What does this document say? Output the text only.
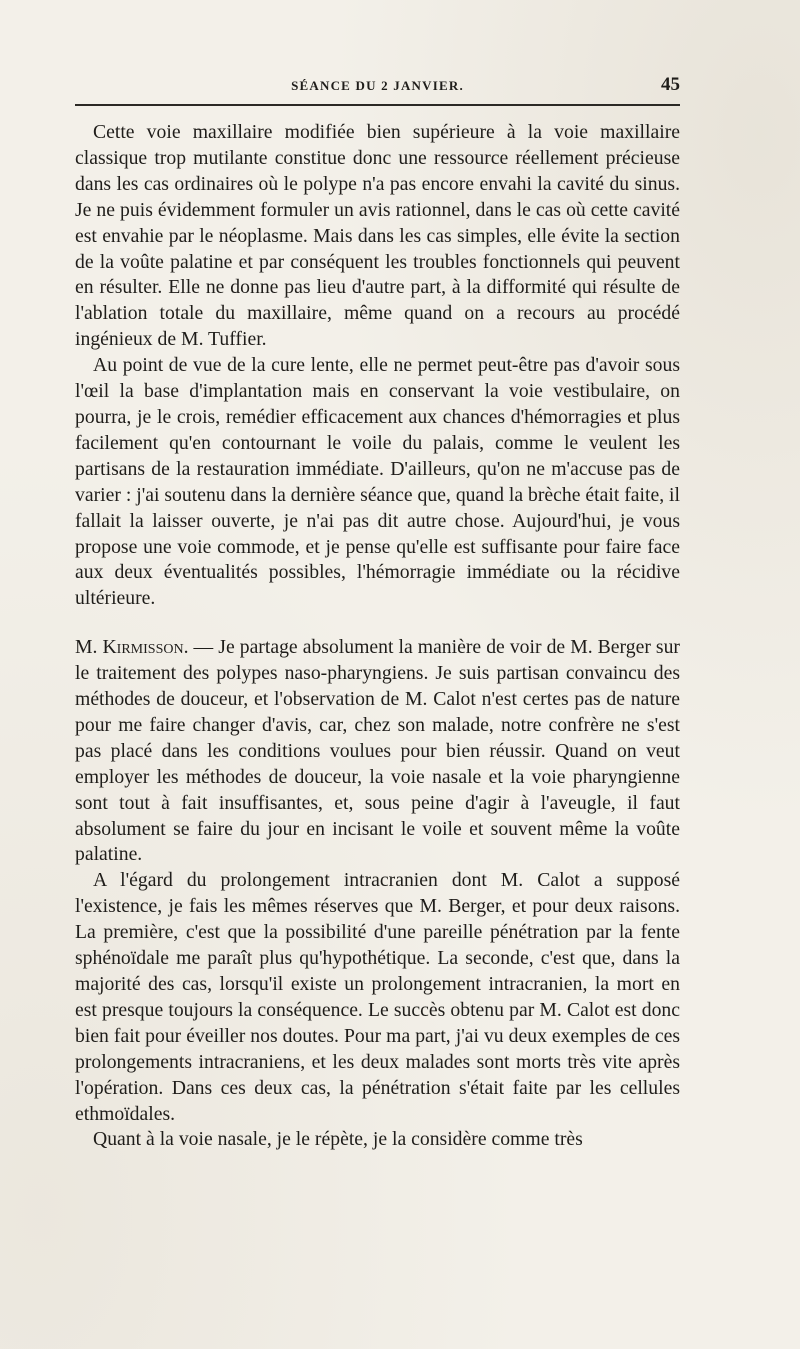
SÉANCE DU 2 JANVIER.	45

Cette voie maxillaire modifiée bien supérieure à la voie maxillaire classique trop mutilante constitue donc une ressource réellement précieuse dans les cas ordinaires où le polype n'a pas encore envahi la cavité du sinus. Je ne puis évidemment formuler un avis rationnel, dans le cas où cette cavité est envahie par le néoplasme. Mais dans les cas simples, elle évite la section de la voûte palatine et par conséquent les troubles fonctionnels qui peuvent en résulter. Elle ne donne pas lieu d'autre part, à la difformité qui résulte de l'ablation totale du maxillaire, même quand on a recours au procédé ingénieux de M. Tuffier.

Au point de vue de la cure lente, elle ne permet peut-être pas d'avoir sous l'œil la base d'implantation mais en conservant la voie vestibulaire, on pourra, je le crois, remédier efficacement aux chances d'hémorragies et plus facilement qu'en contournant le voile du palais, comme le veulent les partisans de la restauration immédiate. D'ailleurs, qu'on ne m'accuse pas de varier : j'ai soutenu dans la dernière séance que, quand la brèche était faite, il fallait la laisser ouverte, je n'ai pas dit autre chose. Aujourd'hui, je vous propose une voie commode, et je pense qu'elle est suffisante pour faire face aux deux éventualités possibles, l'hémorragie immédiate ou la récidive ultérieure.

M. Kirmisson. — Je partage absolument la manière de voir de M. Berger sur le traitement des polypes naso-pharyngiens. Je suis partisan convaincu des méthodes de douceur, et l'observation de M. Calot n'est certes pas de nature pour me faire changer d'avis, car, chez son malade, notre confrère ne s'est pas placé dans les conditions voulues pour bien réussir. Quand on veut employer les méthodes de douceur, la voie nasale et la voie pharyngienne sont tout à fait insuffisantes, et, sous peine d'agir à l'aveugle, il faut absolument se faire du jour en incisant le voile et souvent même la voûte palatine.

A l'égard du prolongement intracranien dont M. Calot a supposé l'existence, je fais les mêmes réserves que M. Berger, et pour deux raisons. La première, c'est que la possibilité d'une pareille pénétration par la fente sphénoïdale me paraît plus qu'hypothétique. La seconde, c'est que, dans la majorité des cas, lorsqu'il existe un prolongement intracranien, la mort en est presque toujours la conséquence. Le succès obtenu par M. Calot est donc bien fait pour éveiller nos doutes. Pour ma part, j'ai vu deux exemples de ces prolongements intracraniens, et les deux malades sont morts très vite après l'opération. Dans ces deux cas, la pénétration s'était faite par les cellules ethmoïdales.

Quant à la voie nasale, je le répète, je la considère comme très
